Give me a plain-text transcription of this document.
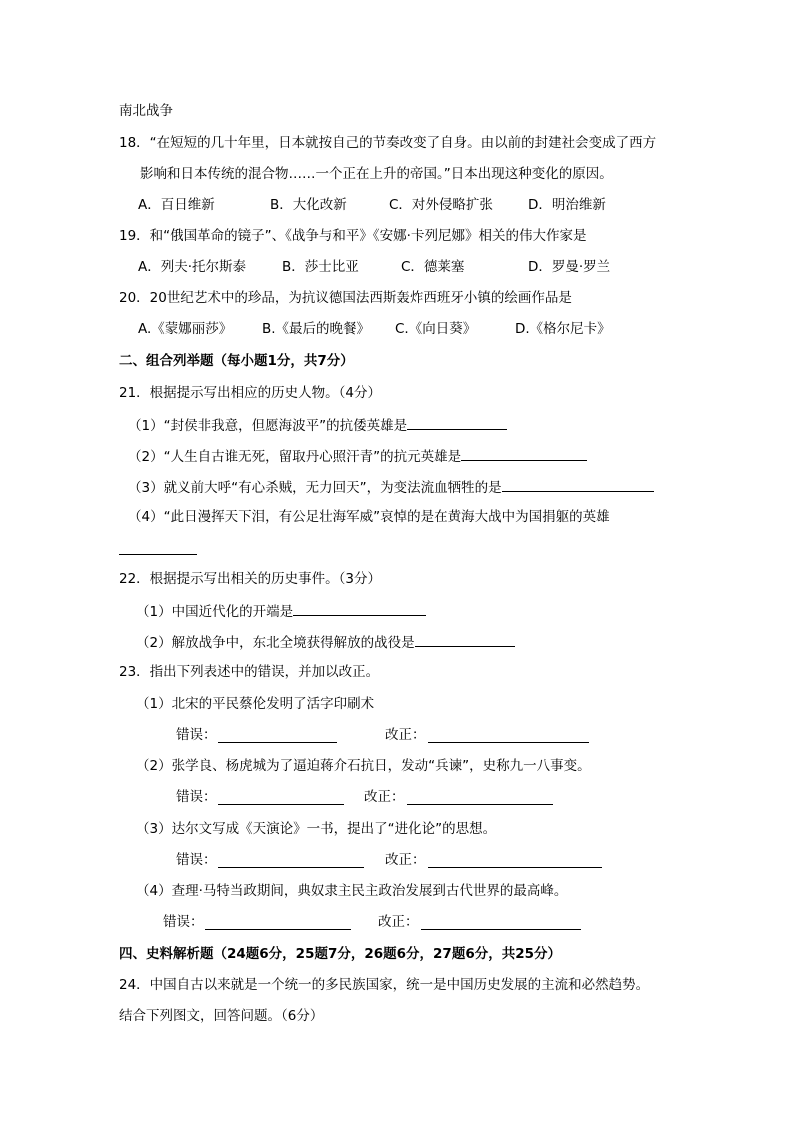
南北战争
18．“在短短的几十年里，日本就按自己的节奏改变了自身。由以前的封建社会变成了西方
影响和日本传统的混合物……一个正在上升的帝国。”日本出现这种变化的原因。
A．百日维新	B．大化改新	C．对外侵略扩张	D．明治维新
19．和“俄国革命的镜子”、《战争与和平》《安娜·卡列尼娜》相关的伟大作家是
A．列夫·托尔斯泰	B．莎士比亚	C．德莱塞	D．罗曼·罗兰
20．20世纪艺术中的珍品，为抗议德国法西斯轰炸西班牙小镇的绘画作品是
A.《蒙娜丽莎》 B.《最后的晚餐》 C.《向日葵》	D.《格尔尼卡》
二、组合列举题（每小题1分，共7分）
21．根据提示写出相应的历史人物。（4分）
（1）“封侯非我意，但愿海波平”的抗倭英雄是
（2）“人生自古谁无死，留取丹心照汗青”的抗元英雄是
（3）就义前大呼“有心杀贼，无力回天”，为变法流血牺牲的是
（4）“此日漫挥天下泪，有公足壮海军威”哀悼的是在黄海大战中为国捐躯的英雄
22．根据提示写出相关的历史事件。（3分）
（1）中国近代化的开端是
（2）解放战争中，东北全境获得解放的战役是
23．指出下列表述中的错误，并加以改正。
（1）北宋的平民蔡伦发明了活字印刷术
错误：	改正：
（2）张学良、杨虎城为了逼迫蒋介石抗日，发动“兵谏”，史称九一八事变。
错误：	改正：
（3）达尔文写成《天演论》一书，提出了“进化论”的思想。
错误：	改正：
（4）查理·马特当政期间，典奴隶主民主政治发展到古代世界的最高峰。
错误：	改正：
四、史料解析题（24题6分，25题7分，26题6分，27题6分，共25分）
24．中国自古以来就是一个统一的多民族国家，统一是中国历史发展的主流和必然趋势。
结合下列图文，回答问题。（6分）
